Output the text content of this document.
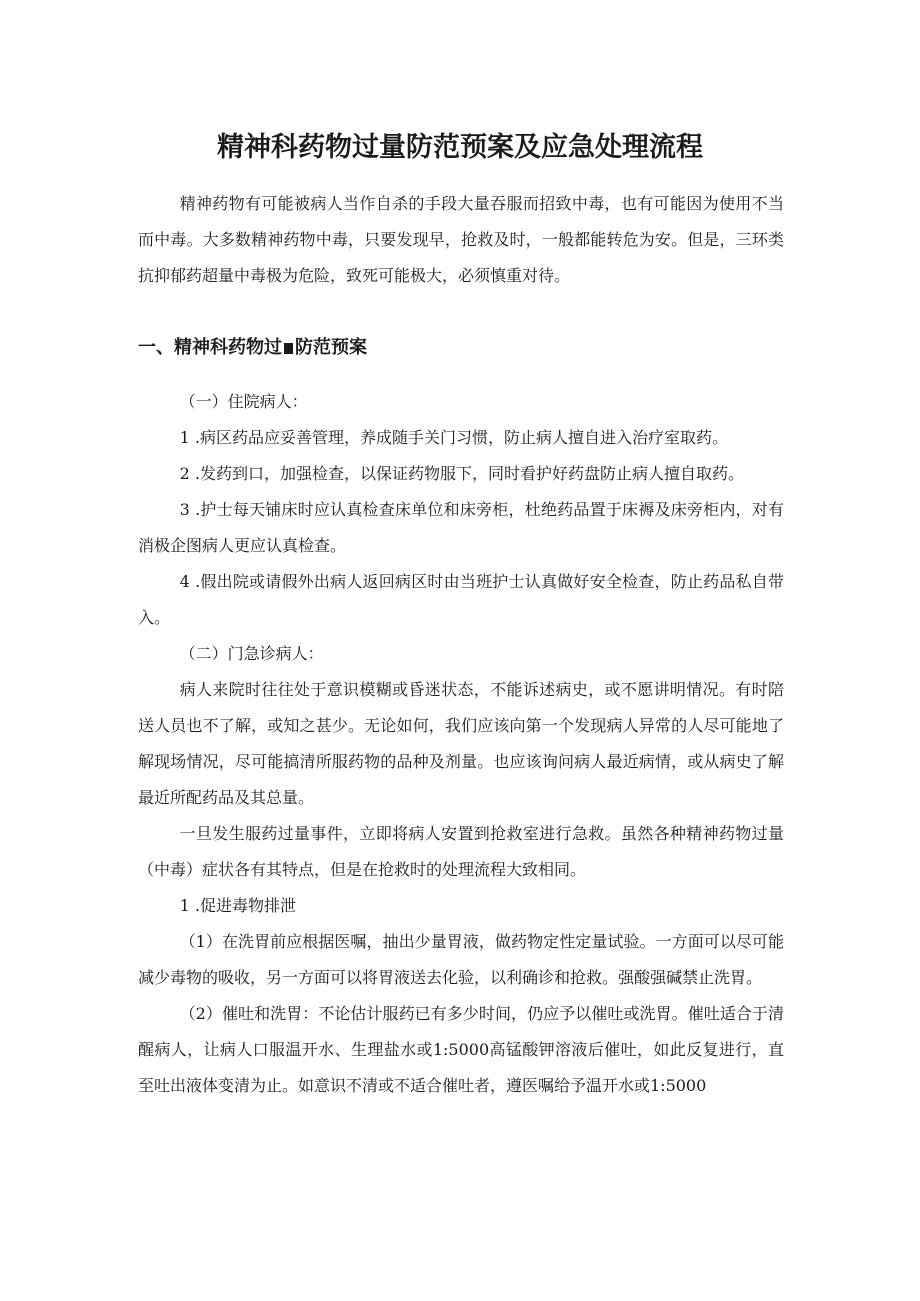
精神科药物过量防范预案及应急处理流程

精神药物有可能被病人当作自杀的手段大量吞服而招致中毒，也有可能因为使用不当而中毒。大多数精神药物中毒，只要发现早，抢救及时，一般都能转危为安。但是，三环类抗抑郁药超量中毒极为危险，致死可能极大，必须慎重对待。

一、精神科药物过 防范预案

（一）住院病人：

1 .病区药品应妥善管理，养成随手关门习惯，防止病人擅自进入治疗室取药。

2 .发药到口，加强检查，以保证药物服下，同时看护好药盘防止病人擅自取药。

3 .护士每天铺床时应认真检查床单位和床旁柜，杜绝药品置于床褥及床旁柜内，对有消极企图病人更应认真检查。

4 .假出院或请假外出病人返回病区时由当班护士认真做好安全检查，防止药品私自带入。

（二）门急诊病人：

病人来院时往往处于意识模糊或昏迷状态，不能诉述病史，或不愿讲明情况。有时陪送人员也不了解，或知之甚少。无论如何，我们应该向第一个发现病人异常的人尽可能地了解现场情况，尽可能搞清所服药物的品种及剂量。也应该询问病人最近病情，或从病史了解最近所配药品及其总量。

一旦发生服药过量事件，立即将病人安置到抢救室进行急救。虽然各种精神药物过量（中毒）症状各有其特点，但是在抢救时的处理流程大致相同。

1 .促进毒物排泄

（1）在洗胃前应根据医嘱，抽出少量胃液，做药物定性定量试验。一方面可以尽可能减少毒物的吸收，另一方面可以将胃液送去化验，以利确诊和抢救。强酸强碱禁止洗胃。

（2）催吐和洗胃：不论估计服药已有多少时间，仍应予以催吐或洗胃。催吐适合于清醒病人，让病人口服温开水、生理盐水或1:5000高锰酸钾溶液后催吐，如此反复进行，直至吐出液体变清为止。如意识不清或不适合催吐者，遵医嘱给予温开水或1:5000
